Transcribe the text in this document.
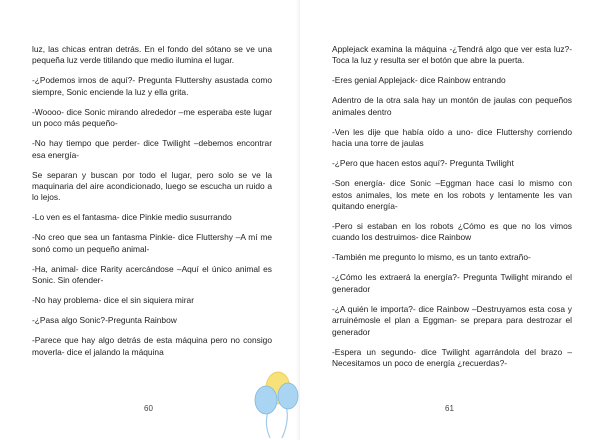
luz, las chicas entran detrás. En el fondo del sótano se ve una pequeña luz verde titilando que medio ilumina el lugar.

-¿Podemos irnos de aquí?- Pregunta Fluttershy asustada como siempre, Sonic enciende la luz y ella grita.

-Woooo- dice Sonic mirando alrededor –me esperaba este lugar un poco más pequeño-

-No hay tiempo que perder- dice Twilight –debemos encontrar esa energía-

Se separan y buscan por todo el lugar, pero solo se ve la maquinaria del aire acondicionado, luego se escucha un ruido a lo lejos.

-Lo ven es el fantasma- dice Pinkie medio susurrando

-No creo que sea un fantasma Pinkie- dice Fluttershy –A mí me sonó como un pequeño animal-

-Ha, animal- dice Rarity acercándose –Aquí el único animal es Sonic. Sin ofender-

-No hay problema- dice el sin siquiera mirar

-¿Pasa algo Sonic?-Pregunta Rainbow

-Parece que hay algo detrás de esta máquina pero no consigo moverla- dice el jalando la máquina

60

Applejack examina la máquina -¿Tendrá algo que ver esta luz?- Toca la luz y resulta ser el botón que abre la puerta.

-Eres genial Applejack- dice Rainbow entrando

Adentro de la otra sala hay un montón de jaulas con pequeños animales dentro

-Ven les dije que había oído a uno- dice Fluttershy corriendo hacia una torre de jaulas

-¿Pero que hacen estos aquí?- Pregunta Twilight

-Son energía- dice Sonic –Eggman hace casi lo mismo con estos animales, los mete en los robots y lentamente les van quitando energía-

-Pero si estaban en los robots ¿Cómo es que no los vimos cuando los destruimos- dice Rainbow

-También me pregunto lo mismo, es un tanto extraño-

-¿Cómo les extraerá la energía?- Pregunta Twilight mirando el generador

-¿A quién le importa?- dice Rainbow –Destruyamos esta cosa y arruinémosle el plan a Eggman- se prepara para destrozar el generador

-Espera un segundo- dice Twilight agarrándola del brazo –Necesitamos un poco de energía ¿recuerdas?-

61
